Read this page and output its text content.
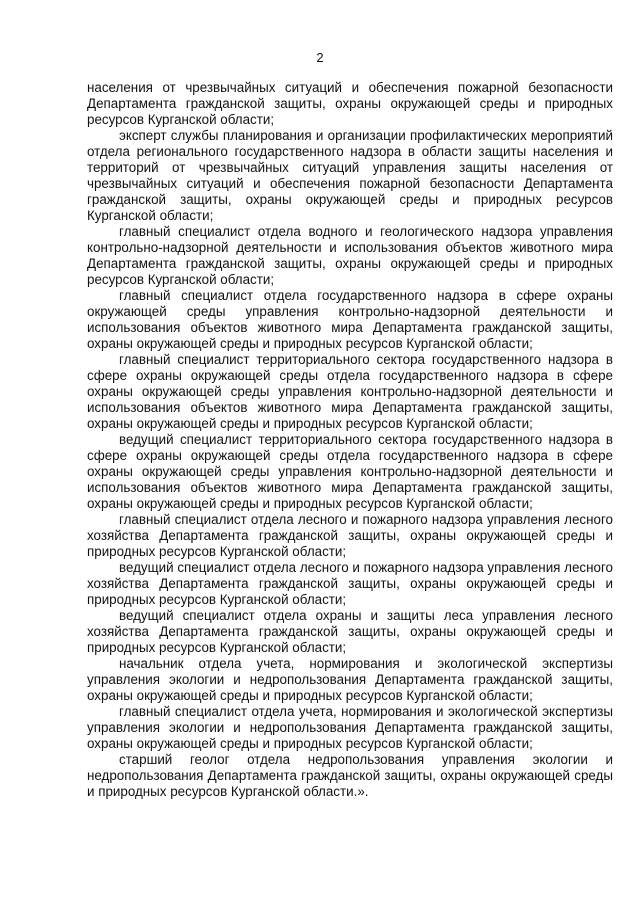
2

населения от чрезвычайных ситуаций и обеспечения пожарной безопасности Департамента гражданской защиты, охраны окружающей среды и природных ресурсов Курганской области;

эксперт службы планирования и организации профилактических мероприятий отдела регионального государственного надзора в области защиты населения и территорий от чрезвычайных ситуаций управления защиты населения от чрезвычайных ситуаций и обеспечения пожарной безопасности Департамента гражданской защиты, охраны окружающей среды и природных ресурсов Курганской области;

главный специалист отдела водного и геологического надзора управления контрольно-надзорной деятельности и использования объектов животного мира Департамента гражданской защиты, охраны окружающей среды и природных ресурсов Курганской области;

главный специалист отдела государственного надзора в сфере охраны окружающей среды управления контрольно-надзорной деятельности и использования объектов животного мира Департамента гражданской защиты, охраны окружающей среды и природных ресурсов Курганской области;

главный специалист территориального сектора государственного надзора в сфере охраны окружающей среды отдела государственного надзора в сфере охраны окружающей среды управления контрольно-надзорной деятельности и использования объектов животного мира Департамента гражданской защиты, охраны окружающей среды и природных ресурсов Курганской области;

ведущий специалист территориального сектора государственного надзора в сфере охраны окружающей среды отдела государственного надзора в сфере охраны окружающей среды управления контрольно-надзорной деятельности и использования объектов животного мира Департамента гражданской защиты, охраны окружающей среды и природных ресурсов Курганской области;

главный специалист отдела лесного и пожарного надзора управления лесного хозяйства Департамента гражданской защиты, охраны окружающей среды и природных ресурсов Курганской области;

ведущий специалист отдела лесного и пожарного надзора управления лесного хозяйства Департамента гражданской защиты, охраны окружающей среды и природных ресурсов Курганской области;

ведущий специалист отдела охраны и защиты леса управления лесного хозяйства Департамента гражданской защиты, охраны окружающей среды и природных ресурсов Курганской области;

начальник отдела учета, нормирования и экологической экспертизы управления экологии и недропользования Департамента гражданской защиты, охраны окружающей среды и природных ресурсов Курганской области;

главный специалист отдела учета, нормирования и экологической экспертизы управления экологии и недропользования Департамента гражданской защиты, охраны окружающей среды и природных ресурсов Курганской области;

старший геолог отдела недропользования управления экологии и недропользования Департамента гражданской защиты, охраны окружающей среды и природных ресурсов Курганской области.».
